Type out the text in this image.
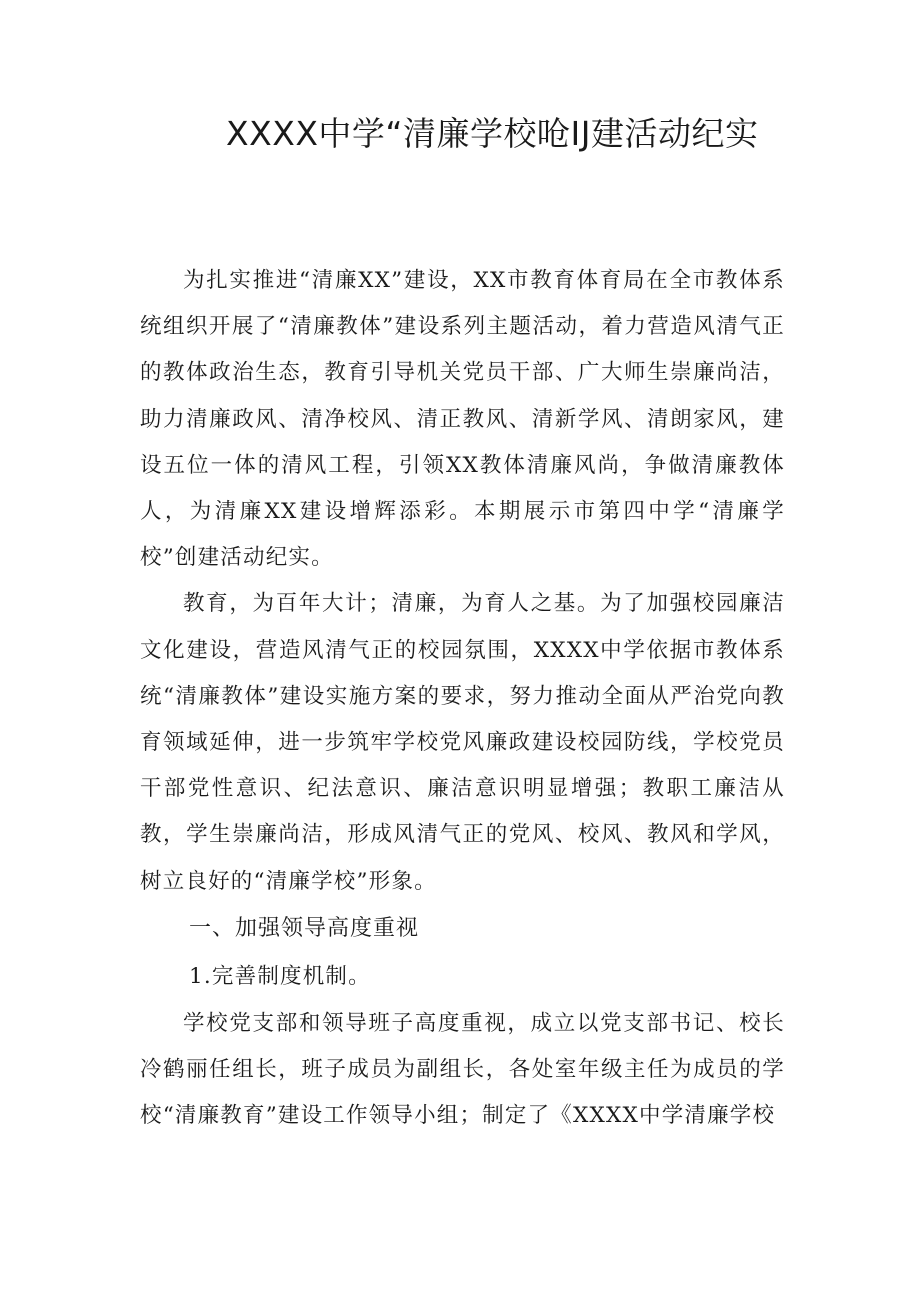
XXXX中学“清廉学校呛IJ建活动纪实

为扎实推进“清廉XX”建设，XX市教育体育局在全市教体系统组织开展了“清廉教体”建设系列主题活动，着力营造风清气正的教体政治生态，教育引导机关党员干部、广大师生崇廉尚洁，助力清廉政风、清净校风、清正教风、清新学风、清朗家风，建设五位一体的清风工程，引领XX教体清廉风尚，争做清廉教体人，为清廉XX建设增辉添彩。本期展示市第四中学“清廉学校”创建活动纪实。

教育，为百年大计；清廉，为育人之基。为了加强校园廉洁文化建设，营造风清气正的校园氛围，XXXX中学依据市教体系统“清廉教体”建设实施方案的要求，努力推动全面从严治党向教育领域延伸，进一步筑牢学校党风廉政建设校园防线，学校党员干部党性意识、纪法意识、廉洁意识明显增强；教职工廉洁从教，学生崇廉尚洁，形成风清气正的党风、校风、教风和学风，树立良好的“清廉学校”形象。

一、加强领导高度重视

1.完善制度机制。

学校党支部和领导班子高度重视，成立以党支部书记、校长冷鹤丽任组长，班子成员为副组长，各处室年级主任为成员的学校“清廉教育”建设工作领导小组；制定了《XXXX中学清廉学校
